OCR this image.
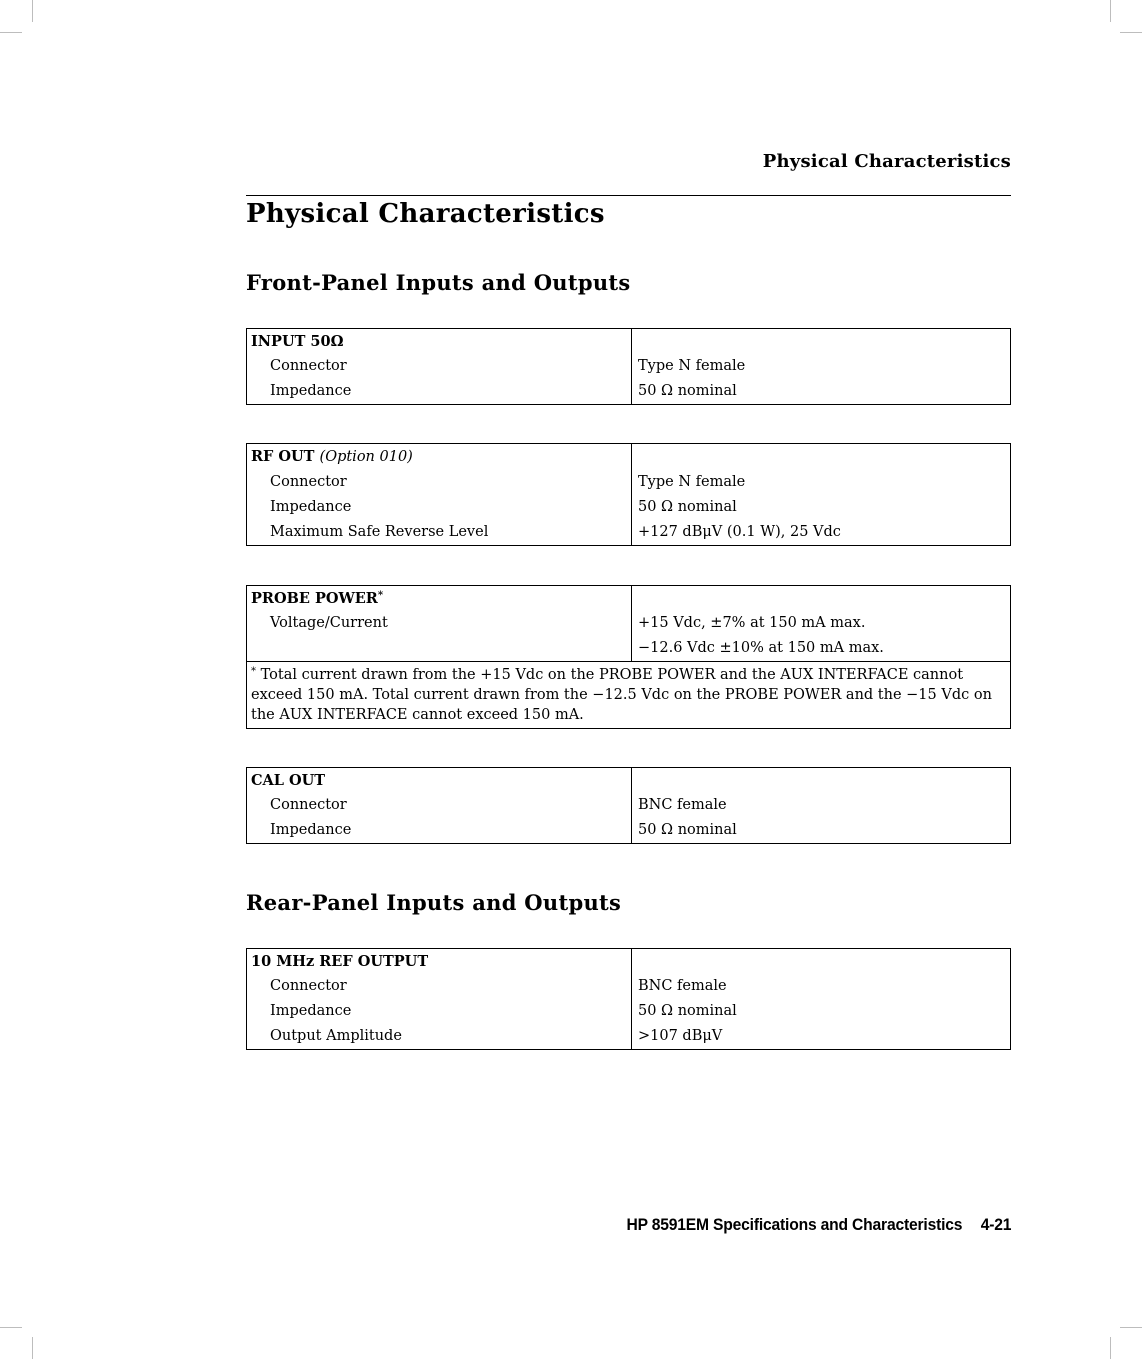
Physical Characteristics
Physical Characteristics
Front-Panel Inputs and Outputs
INPUT 50Ω	
Connector	Type N female
Impedance	50 Ω nominal
RF OUT (Option 010)	
Connector	Type N female
Impedance	50 Ω nominal
Maximum Safe Reverse Level	+127 dBμV (0.1 W), 25 Vdc
PROBE POWER*	
Voltage/Current	+15 Vdc, ±7% at 150 mA max.
	−12.6 Vdc ±10% at 150 mA max.
* Total current drawn from the +15 Vdc on the PROBE POWER and the AUX INTERFACE cannot exceed 150 mA. Total current drawn from the −12.5 Vdc on the PROBE POWER and the −15 Vdc on the AUX INTERFACE cannot exceed 150 mA.	
CAL OUT	
Connector	BNC female
Impedance	50 Ω nominal
Rear-Panel Inputs and Outputs
10 MHz REF OUTPUT	
Connector	BNC female
Impedance	50 Ω nominal
Output Amplitude	>107 dBμV
HP 8591EM Specifications and Characteristics 4-21
